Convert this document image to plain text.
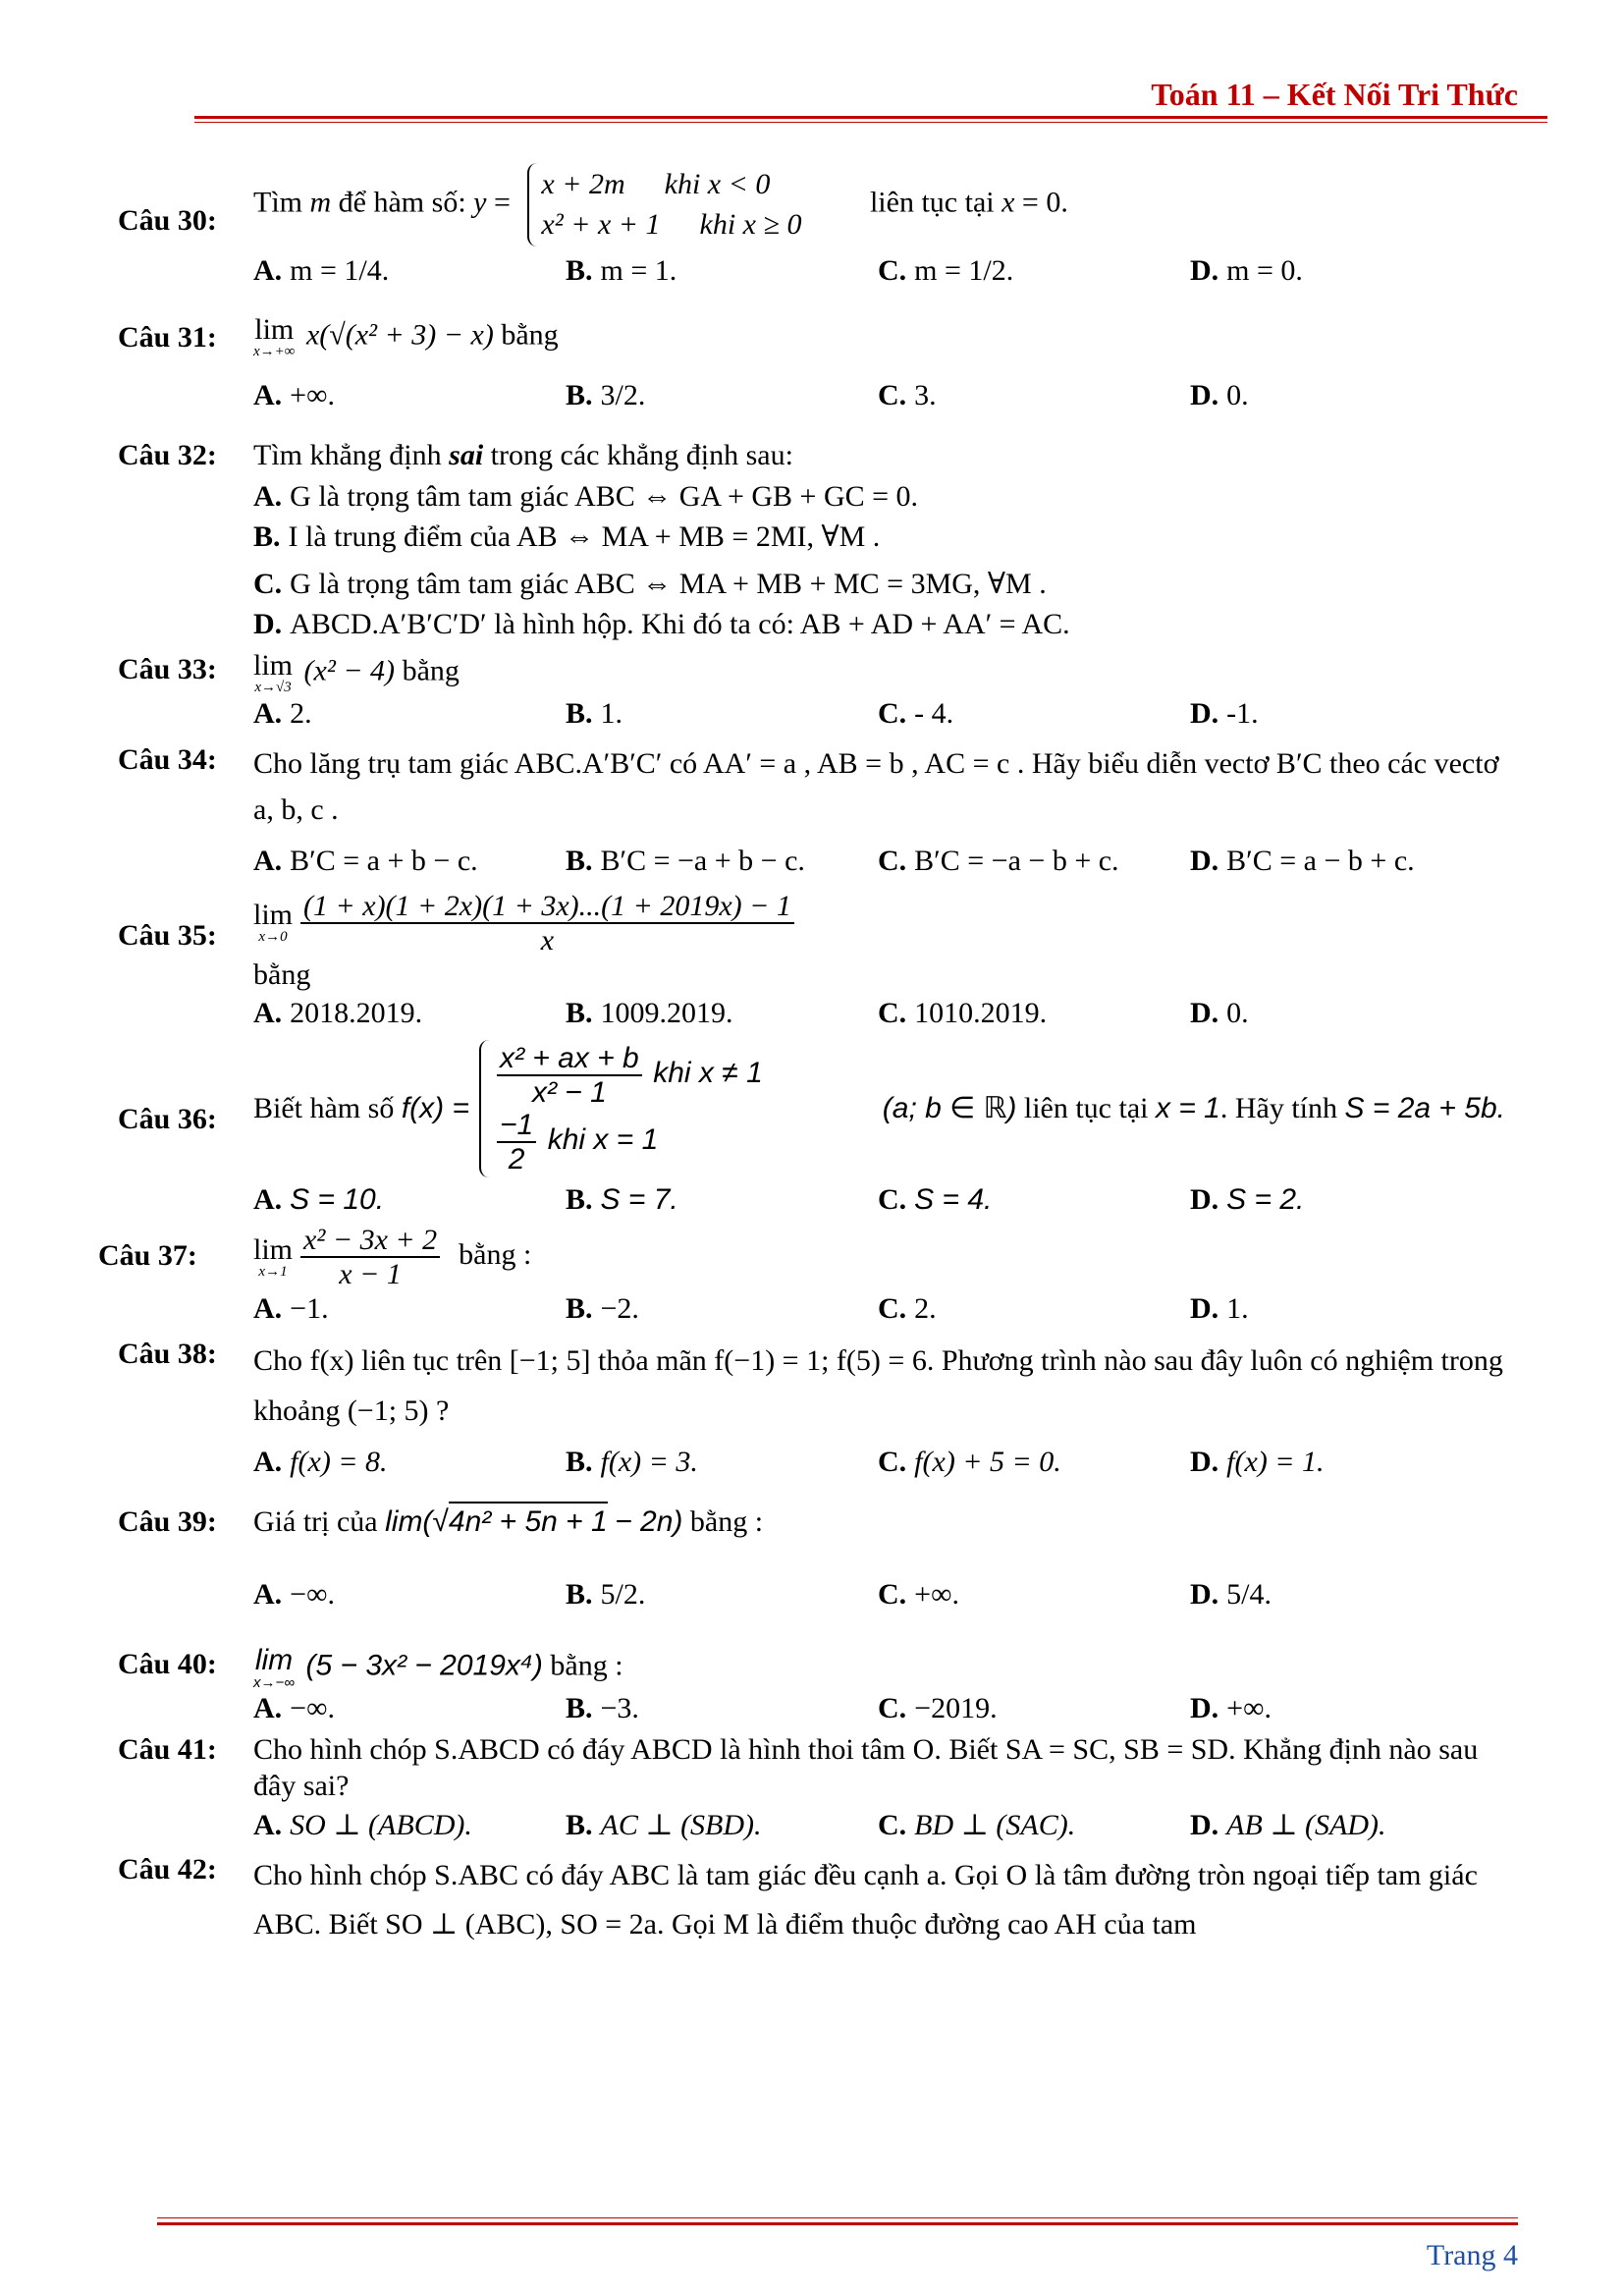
Toán 11 – Kết Nối Tri Thức
Câu 30:
Tìm m để hàm số: y = x + 2m khi x < 0
x² + x + 1 khi x ≥ 0 liên tục tại x = 0.
A. m = 1/4.	B. m = 1.	C. m = 1/2.	D. m = 0.
Câu 31: lim
x→+∞
x(√(x² + 3) − x) bằng
A. +∞.	B. 3/2.	C. 3.	D. 0.
Câu 32: Tìm khẳng định sai trong các khẳng định sau:
A. G là trọng tâm tam giác ABC ⇔ GA + GB + GC = 0.
B. I là trung điểm của AB ⇔ MA + MB = 2MI, ∀M .
C. G là trọng tâm tam giác ABC ⇔ MA + MB + MC = 3MG, ∀M .
D. ABCD.A′B′C′D′ là hình hộp. Khi đó ta có: AB + AD + AA′ = AC.
Câu 33: lim
x→√3
(x² − 4) bằng
A. 2.	B. 1.	C. - 4.	D. -1.
Câu 34: Cho lăng trụ tam giác ABC.A′B′C′ có AA′ = a , AB = b , AC = c . Hãy biểu diễn vectơ B′C theo các vectơ a, b, c .
A. B′C = a + b − c.	B. B′C = −a + b − c.	C. B′C = −a − b + c.	D. B′C = a − b + c.
Câu 35:
lim
$x\to 0 \frac{(1 + x)(1 + 2x)(1 + 3x)...(1 + 2019x) - 1}{x}$
bằng
A. 2018.2019.	B. 1009.2019.	C. 1010.2019.	D. 0.
Câu 36: Biết hàm số
$f(x) = \frac{\text{x² + ax + b}}{\text{x² − 1}}$ khi x ≠ 1

$\frac{-1}{2}$ khi x = 1
(a; b ∈ ℝ)
liên tục tại
x = 1 . Hãy tính
S = 2a + 5b.
A. S = 10.	B. S = 7.	C. S = 4.	D. S = 2.
Câu 37: lim
$x\to 1 \frac{\text{x² − 3x + 2}}{x - 1}$ bằng :
A. −1.	B. −2.	C. 2.	D. 1.
Câu 38: Cho f(x) liên tục trên [−1; 5] thỏa mãn f(−1) = 1; f(5) = 6. Phương trình nào sau đây luôn có nghiệm trong khoảng (−1; 5) ?
A. f(x) = 8.	B. f(x) = 3.	C. f(x) + 5 = 0.	D. f(x) = 1.
Câu 39: Giá trị của lim(√4n² + 5n + 1 − 2n) bằng :
A. −∞.	B. 5/2.	C. +∞.	D. 5/4.
Câu 40: lim
x→−∞
(5 − 3x² − 2019x⁴) bằng :
A. −∞.	B. −3.	C. −2019.	D. +∞.
Câu 41: Cho hình chóp S.ABCD có đáy ABCD là hình thoi tâm O. Biết SA = SC, SB = SD. Khẳng định nào sau đây sai?
A. SO ⊥ (ABCD).	B. AC ⊥ (SBD).	C. BD ⊥ (SAC).	D. AB ⊥ (SAD).
Câu 42: Cho hình chóp S.ABC có đáy ABC là tam giác đều cạnh a. Gọi O là tâm đường tròn ngoại tiếp tam giác ABC. Biết SO ⊥ (ABC), SO = 2a. Gọi M là điểm thuộc đường cao AH của tam
Trang 4
